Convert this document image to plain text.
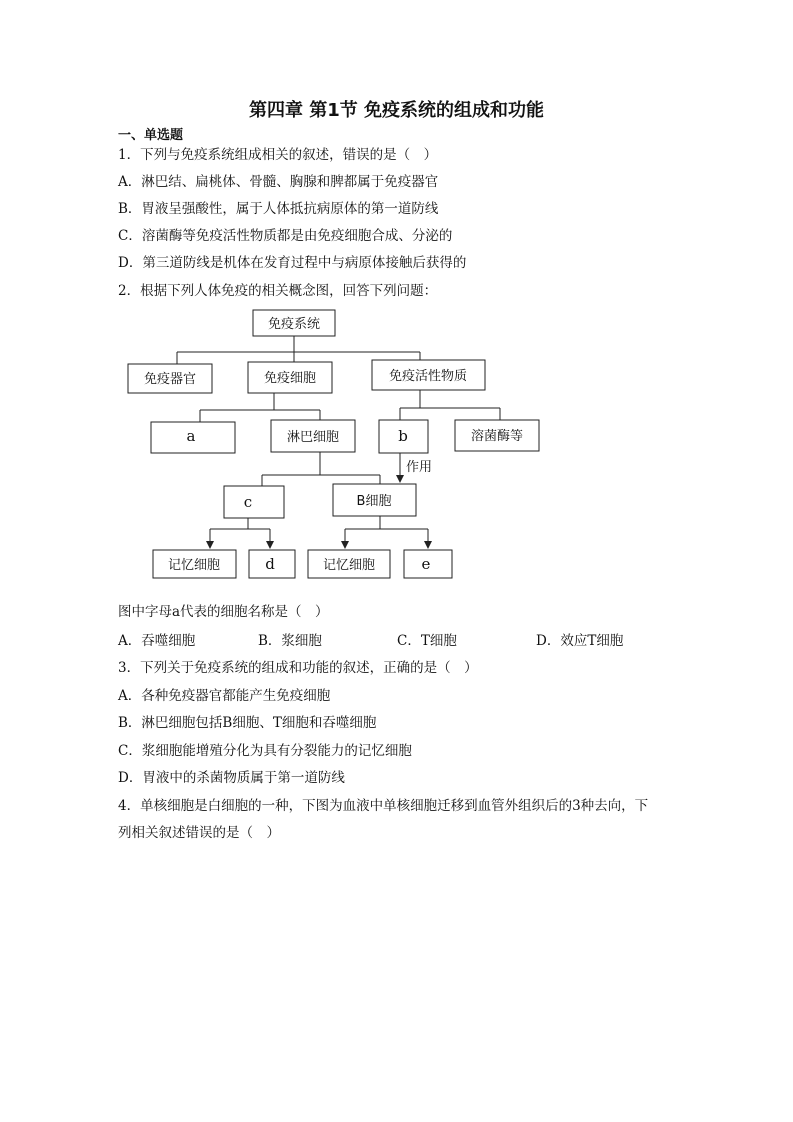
第四章 第1节 免疫系统的组成和功能
一、单选题
1．下列与免疫系统组成相关的叙述，错误的是（　）
A．淋巴结、扁桃体、骨髓、胸腺和脾都属于免疫器官
B．胃液呈强酸性，属于人体抵抗病原体的第一道防线
C．溶菌酶等免疫活性物质都是由免疫细胞合成、分泌的
D．第三道防线是机体在发育过程中与病原体接触后获得的
2．根据下列人体免疫的相关概念图，回答下列问题：
免疫系统
免疫器官	免疫细胞	免疫活性物质
a	淋巴细胞	b	溶菌酶等
作用
c	B细胞
记忆细胞	d	记忆细胞	e
图中字母a代表的细胞名称是（　）
A．吞噬细胞	B．浆细胞	C．T细胞	D．效应T细胞
3．下列关于免疫系统的组成和功能的叙述，正确的是（　）
A．各种免疫器官都能产生免疫细胞
B．淋巴细胞包括B细胞、T细胞和吞噬细胞
C．浆细胞能增殖分化为具有分裂能力的记忆细胞
D．胃液中的杀菌物质属于第一道防线
4．单核细胞是白细胞的一种，下图为血液中单核细胞迁移到血管外组织后的3种去向，下
列相关叙述错误的是（　）
